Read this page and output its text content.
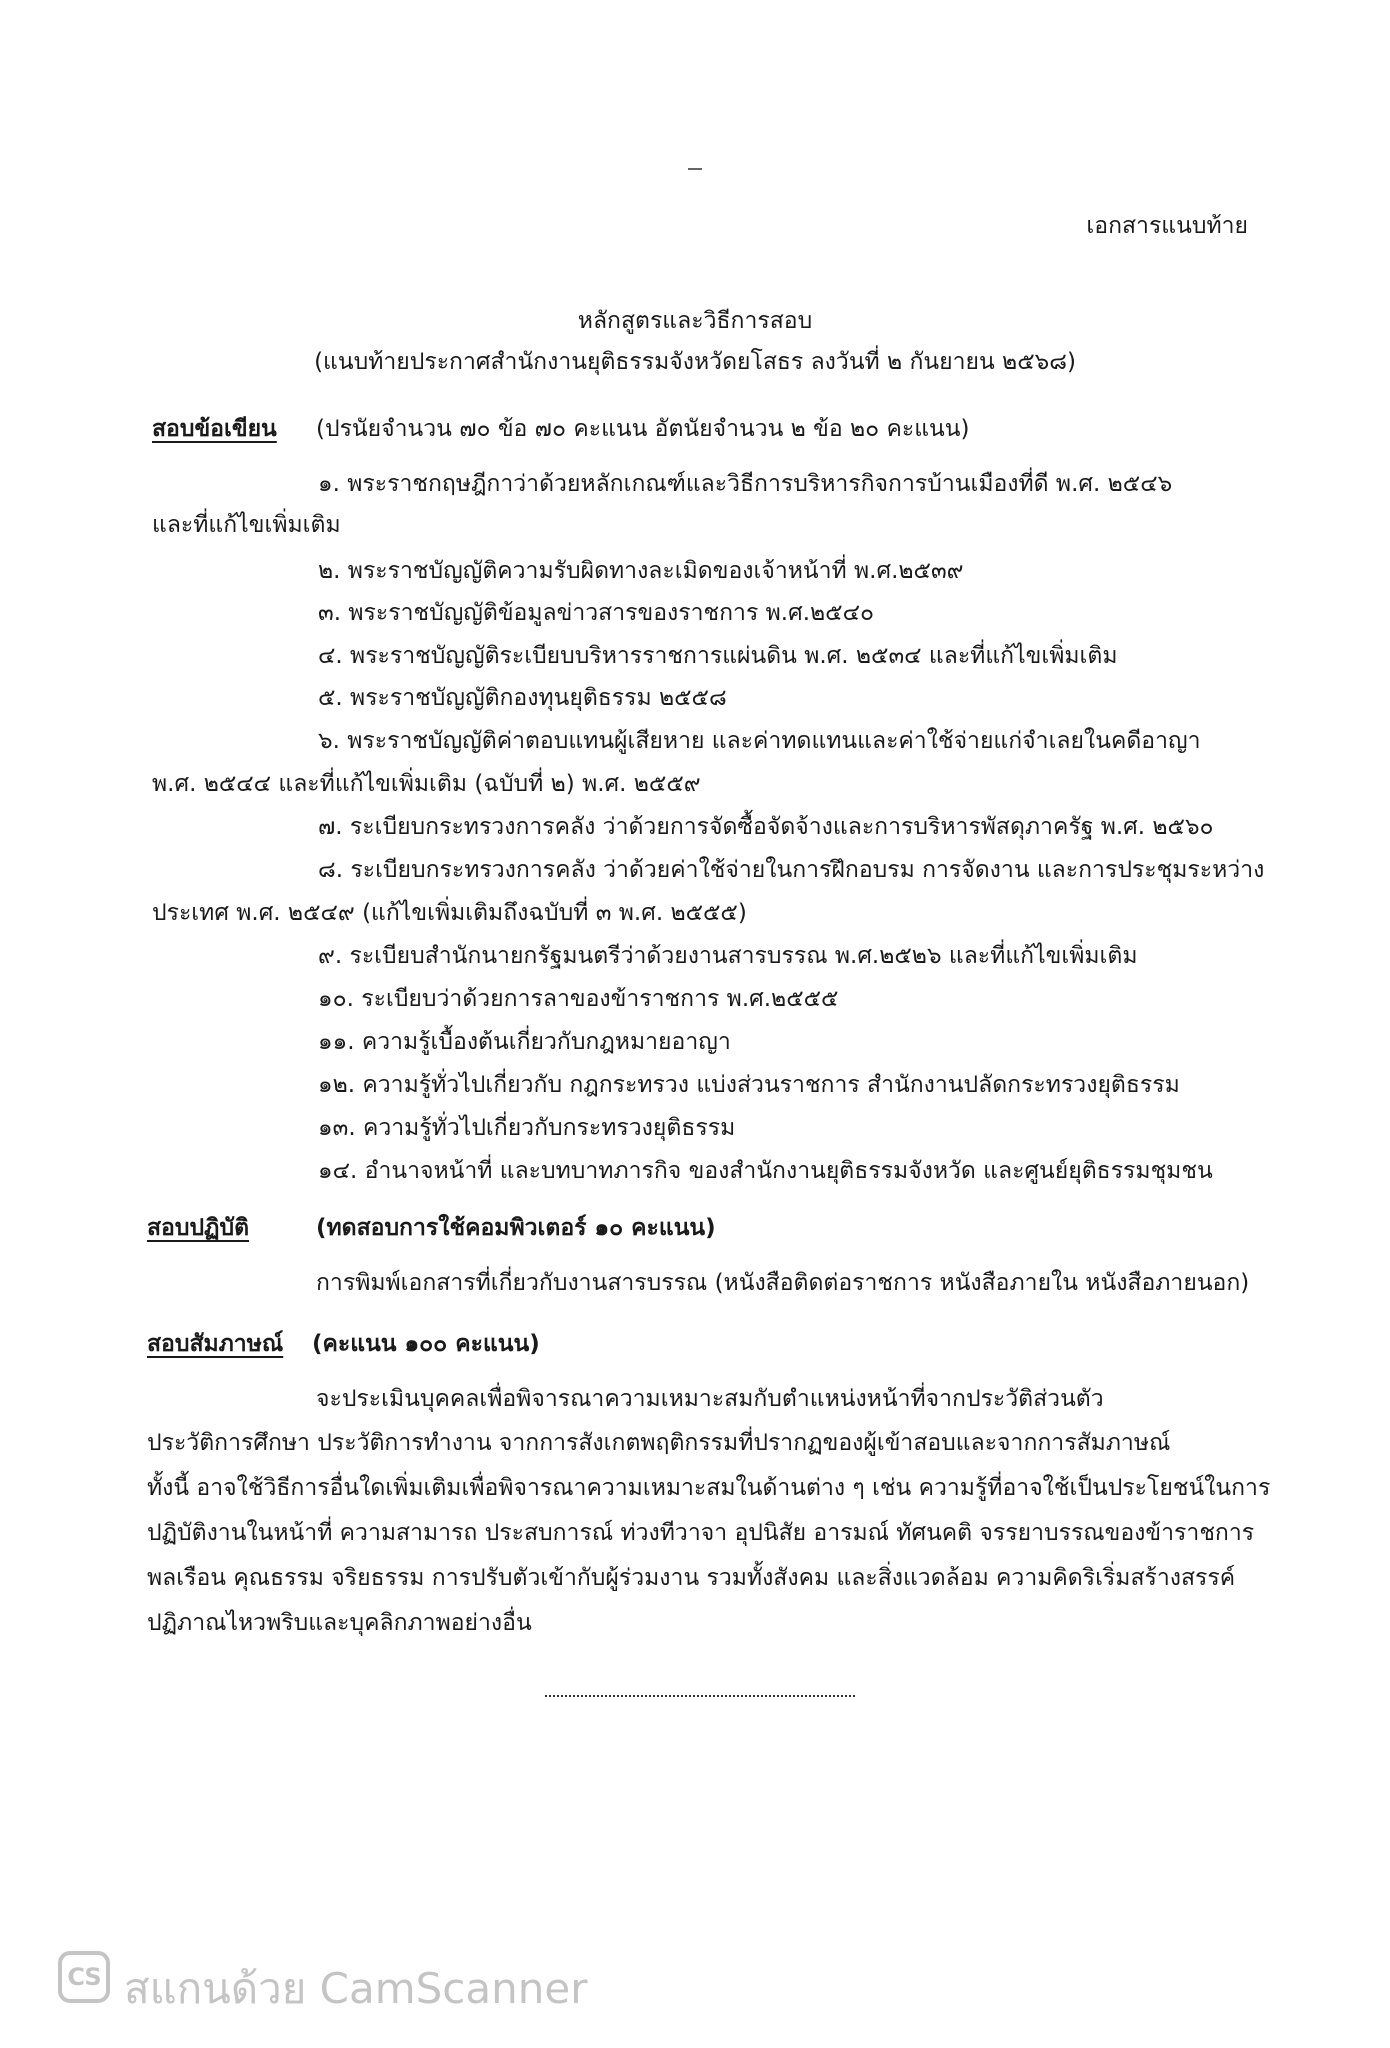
เอกสารแนบท้าย
หลักสูตรและวิธีการสอบ
(แนบท้ายประกาศสำนักงานยุติธรรมจังหวัดยโสธร ลงวันที่ ๒ กันยายน ๒๕๖๘)
สอบข้อเขียน (ปรนัยจำนวน ๗๐ ข้อ ๗๐ คะแนน อัตนัยจำนวน ๒ ข้อ ๒๐ คะแนน)
๑. พระราชกฤษฎีกาว่าด้วยหลักเกณฑ์และวิธีการบริหารกิจการบ้านเมืองที่ดี พ.ศ. ๒๕๔๖
และที่แก้ไขเพิ่มเติม
๒. พระราชบัญญัติความรับผิดทางละเมิดของเจ้าหน้าที่ พ.ศ.๒๕๓๙
๓. พระราชบัญญัติข้อมูลข่าวสารของราชการ พ.ศ.๒๕๔๐
๔. พระราชบัญญัติระเบียบบริหารราชการแผ่นดิน พ.ศ. ๒๕๓๔ และที่แก้ไขเพิ่มเติม
๕. พระราชบัญญัติกองทุนยุติธรรม ๒๕๕๘
๖. พระราชบัญญัติค่าตอบแทนผู้เสียหาย และค่าทดแทนและค่าใช้จ่ายแก่จำเลยในคดีอาญา
พ.ศ. ๒๕๔๔ และที่แก้ไขเพิ่มเติม (ฉบับที่ ๒) พ.ศ. ๒๕๕๙
๗. ระเบียบกระทรวงการคลัง ว่าด้วยการจัดซื้อจัดจ้างและการบริหารพัสดุภาครัฐ พ.ศ. ๒๕๖๐
๘. ระเบียบกระทรวงการคลัง ว่าด้วยค่าใช้จ่ายในการฝึกอบรม การจัดงาน และการประชุมระหว่าง
ประเทศ พ.ศ. ๒๕๔๙ (แก้ไขเพิ่มเติมถึงฉบับที่ ๓ พ.ศ. ๒๕๕๕)
๙. ระเบียบสำนักนายกรัฐมนตรีว่าด้วยงานสารบรรณ พ.ศ.๒๕๒๖ และที่แก้ไขเพิ่มเติม
๑๐. ระเบียบว่าด้วยการลาของข้าราชการ พ.ศ.๒๕๕๕
๑๑. ความรู้เบื้องต้นเกี่ยวกับกฎหมายอาญา
๑๒. ความรู้ทั่วไปเกี่ยวกับ กฎกระทรวง แบ่งส่วนราชการ สำนักงานปลัดกระทรวงยุติธรรม
๑๓. ความรู้ทั่วไปเกี่ยวกับกระทรวงยุติธรรม
๑๔. อำนาจหน้าที่ และบทบาทภารกิจ ของสำนักงานยุติธรรมจังหวัด และศูนย์ยุติธรรมชุมชน
สอบปฏิบัติ	(ทดสอบการใช้คอมพิวเตอร์ ๑๐ คะแนน)
การพิมพ์เอกสารที่เกี่ยวกับงานสารบรรณ (หนังสือติดต่อราชการ หนังสือภายใน หนังสือภายนอก)
สอบสัมภาษณ์ (คะแนน ๑๐๐ คะแนน)
จะประเมินบุคคลเพื่อพิจารณาความเหมาะสมกับตำแหน่งหน้าที่จากประวัติส่วนตัว
ประวัติการศึกษา ประวัติการทำงาน จากการสังเกตพฤติกรรมที่ปรากฏของผู้เข้าสอบและจากการสัมภาษณ์
ทั้งนี้ อาจใช้วิธีการอื่นใดเพิ่มเติมเพื่อพิจารณาความเหมาะสมในด้านต่าง ๆ เช่น ความรู้ที่อาจใช้เป็นประโยชน์ในการ
ปฏิบัติงานในหน้าที่ ความสามารถ ประสบการณ์ ท่วงทีวาจา อุปนิสัย อารมณ์ ทัศนคติ จรรยาบรรณของข้าราชการ
พลเรือน คุณธรรม จริยธรรม การปรับตัวเข้ากับผู้ร่วมงาน รวมทั้งสังคม และสิ่งแวดล้อม ความคิดริเริ่มสร้างสรรค์
ปฏิภาณไหวพริบและบุคลิกภาพอย่างอื่น
CS สแกนด้วย CamScanner
